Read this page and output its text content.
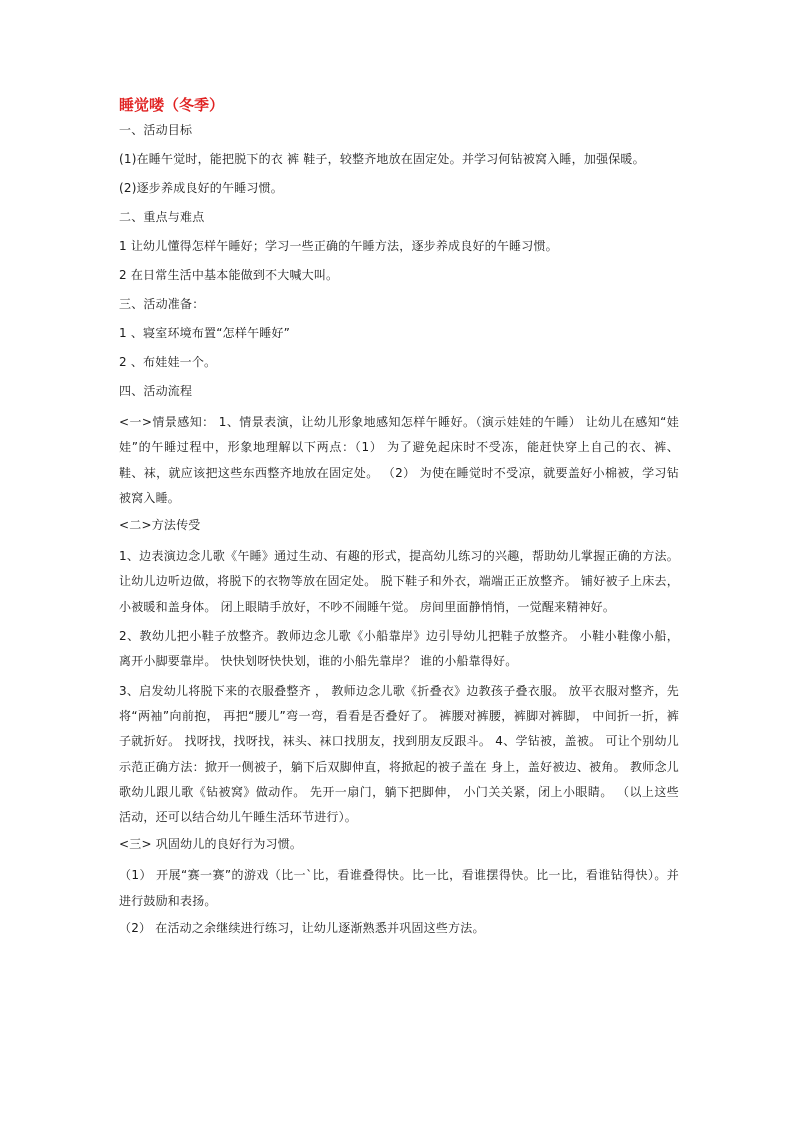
睡觉喽（冬季）
一、活动目标
(1)在睡午觉时，能把脱下的衣 裤 鞋子，较整齐地放在固定处。并学习何钻被窝入睡，加强保暖。
(2)逐步养成良好的午睡习惯。
二、重点与难点
1 让幼儿懂得怎样午睡好；学习一些正确的午睡方法，逐步养成良好的午睡习惯。
2 在日常生活中基本能做到不大喊大叫。
三、活动准备：
1 、寝室环境布置“怎样午睡好”
2 、布娃娃一个。
四、活动流程
<一>情景感知： 1、情景表演，让幼儿形象地感知怎样午睡好。（演示娃娃的午睡） 让幼儿在感知“娃娃”的午睡过程中，形象地理解以下两点：（1） 为了避免起床时不受冻，能赶快穿上自己的衣、裤、鞋、袜，就应该把这些东西整齐地放在固定处。 （2） 为使在睡觉时不受凉，就要盖好小棉被，学习钻被窝入睡。
<二>方法传受
1、边表演边念儿歌《午睡》通过生动、有趣的形式，提高幼儿练习的兴趣，帮助幼儿掌握正确的方法。 让幼儿边听边做，将脱下的衣物等放在固定处。 脱下鞋子和外衣，端端正正放整齐。 铺好被子上床去，小被暖和盖身体。 闭上眼睛手放好，不吵不闹睡午觉。 房间里面静悄悄，一觉醒来精神好。
2、教幼儿把小鞋子放整齐。教师边念儿歌《小船靠岸》边引导幼儿把鞋子放整齐。 小鞋小鞋像小船，离开小脚要靠岸。 快快划呀快快划，谁的小船先靠岸？ 谁的小船靠得好。
3、启发幼儿将脱下来的衣服叠整齐 ， 教师边念儿歌《折叠衣》边教孩子叠衣服。 放平衣服对整齐，先将“两袖”向前抱， 再把“腰儿”弯一弯，看看是否叠好了。 裤腰对裤腰，裤脚对裤脚， 中间折一折，裤子就折好。 找呀找，找呀找，袜头、袜口找朋友，找到朋友反跟斗。 4、学钻被，盖被。 可让个别幼儿示范正确方法：掀开一侧被子，躺下后双脚伸直，将掀起的被子盖在 身上，盖好被边、被角。 教师念儿歌幼儿跟儿歌《钻被窝》做动作。 先开一扇门，躺下把脚伸， 小门关关紧，闭上小眼睛。 （以上这些活动，还可以结合幼儿午睡生活环节进行）。
<三> 巩固幼儿的良好行为习惯。
（1） 开展“赛一赛”的游戏（比一`比，看谁叠得快。比一比，看谁摆得快。比一比，看谁钻得快）。并进行鼓励和表扬。
（2） 在活动之余继续进行练习，让幼儿逐渐熟悉并巩固这些方法。
